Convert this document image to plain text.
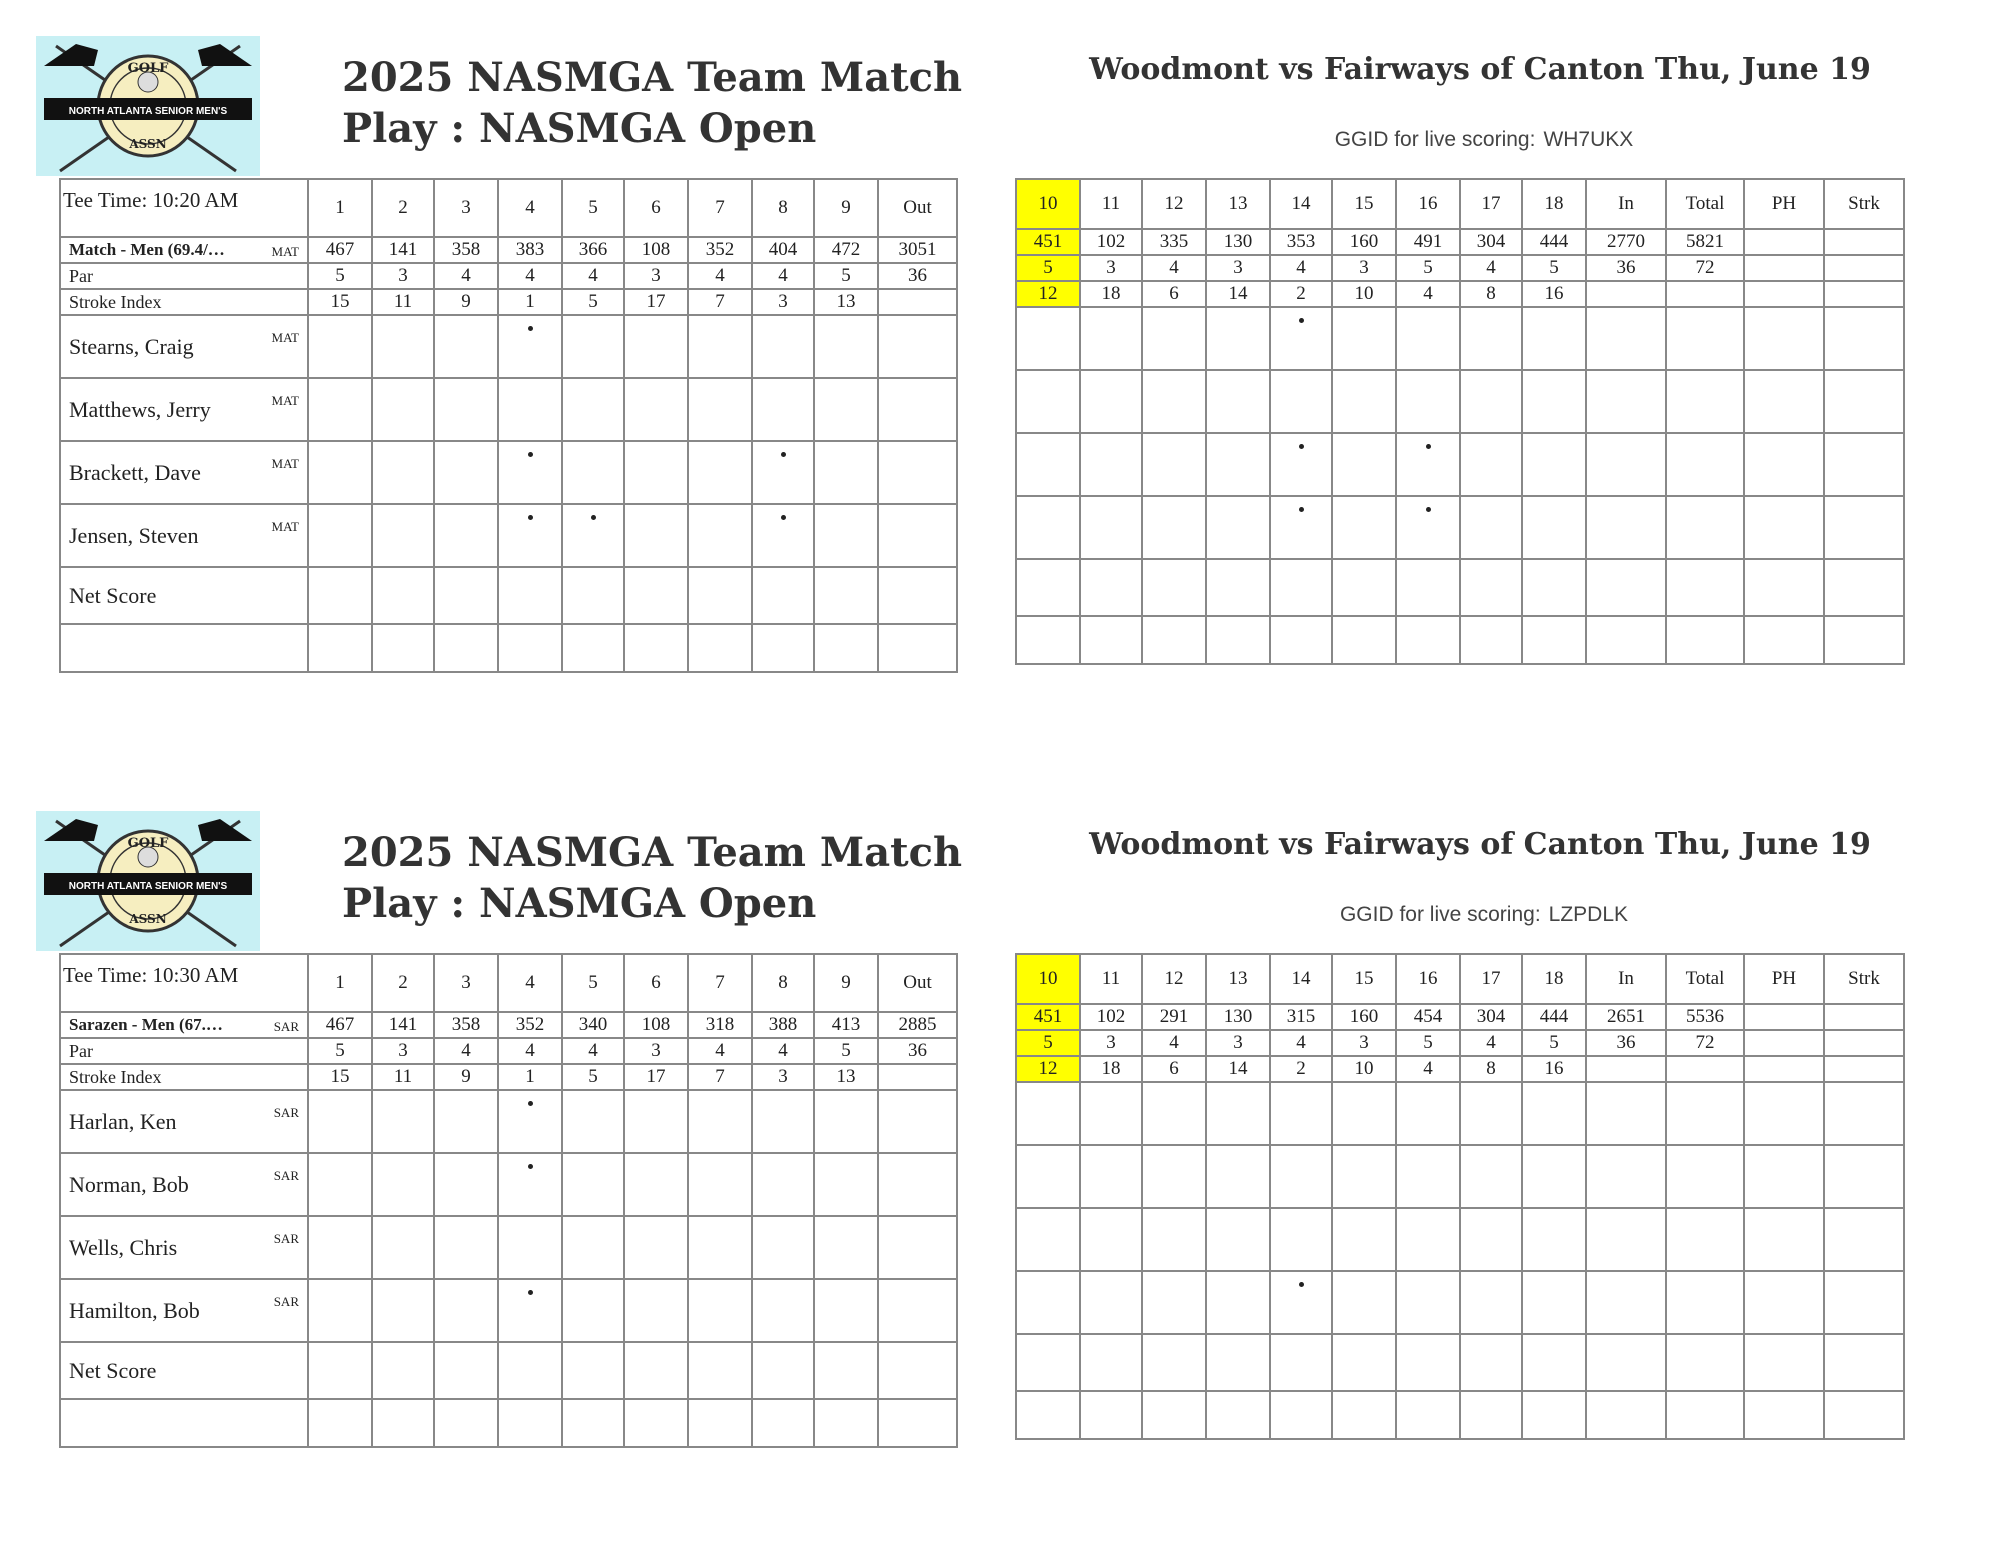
GOLF
NORTH ATLANTA SENIOR MEN'S
ASSN
2025 NASMGA Team Match Play : NASMGA Open
Woodmont vs Fairways of Canton Thu, June 19
GGID for live scoring: WH7UKX
Tee Time: 10:20 AM	1	2	3	4	5	6	7	8	9	Out
Match - Men (69.4/… MAT	467	141	358	383	366	108	352	404	472	3051
Par	5	3	4	4	4	3	4	4	5	36
Stroke Index	15	11	9	1	5	17	7	3	13	
Stearns, Craig MAT										

Matthews, Jerry MAT										

Brackett, Dave MAT										

Jensen, Steven MAT										

Net Score										

10	11	12	13	14	15	16	17	18	In	Total	PH	Strk
451	102	335	130	353	160	491	304	444	2770	5821		
5	3	4	3	4	3	5	4	5	36	72		
12	18	6	14	2	10	4	8	16				

GOLF
NORTH ATLANTA SENIOR MEN'S
ASSN
2025 NASMGA Team Match Play : NASMGA Open
Woodmont vs Fairways of Canton Thu, June 19
GGID for live scoring: LZPDLK
Tee Time: 10:30 AM	1	2	3	4	5	6	7	8	9	Out
Sarazen - Men (67.… SAR	467	141	358	352	340	108	318	388	413	2885
Par	5	3	4	4	4	3	4	4	5	36
Stroke Index	15	11	9	1	5	17	7	3	13	
Harlan, Ken SAR										

Norman, Bob SAR										

Wells, Chris SAR										

Hamilton, Bob SAR										

Net Score										

10	11	12	13	14	15	16	17	18	In	Total	PH	Strk
451	102	291	130	315	160	454	304	444	2651	5536		
5	3	4	3	4	3	5	4	5	36	72		
12	18	6	14	2	10	4	8	16				
